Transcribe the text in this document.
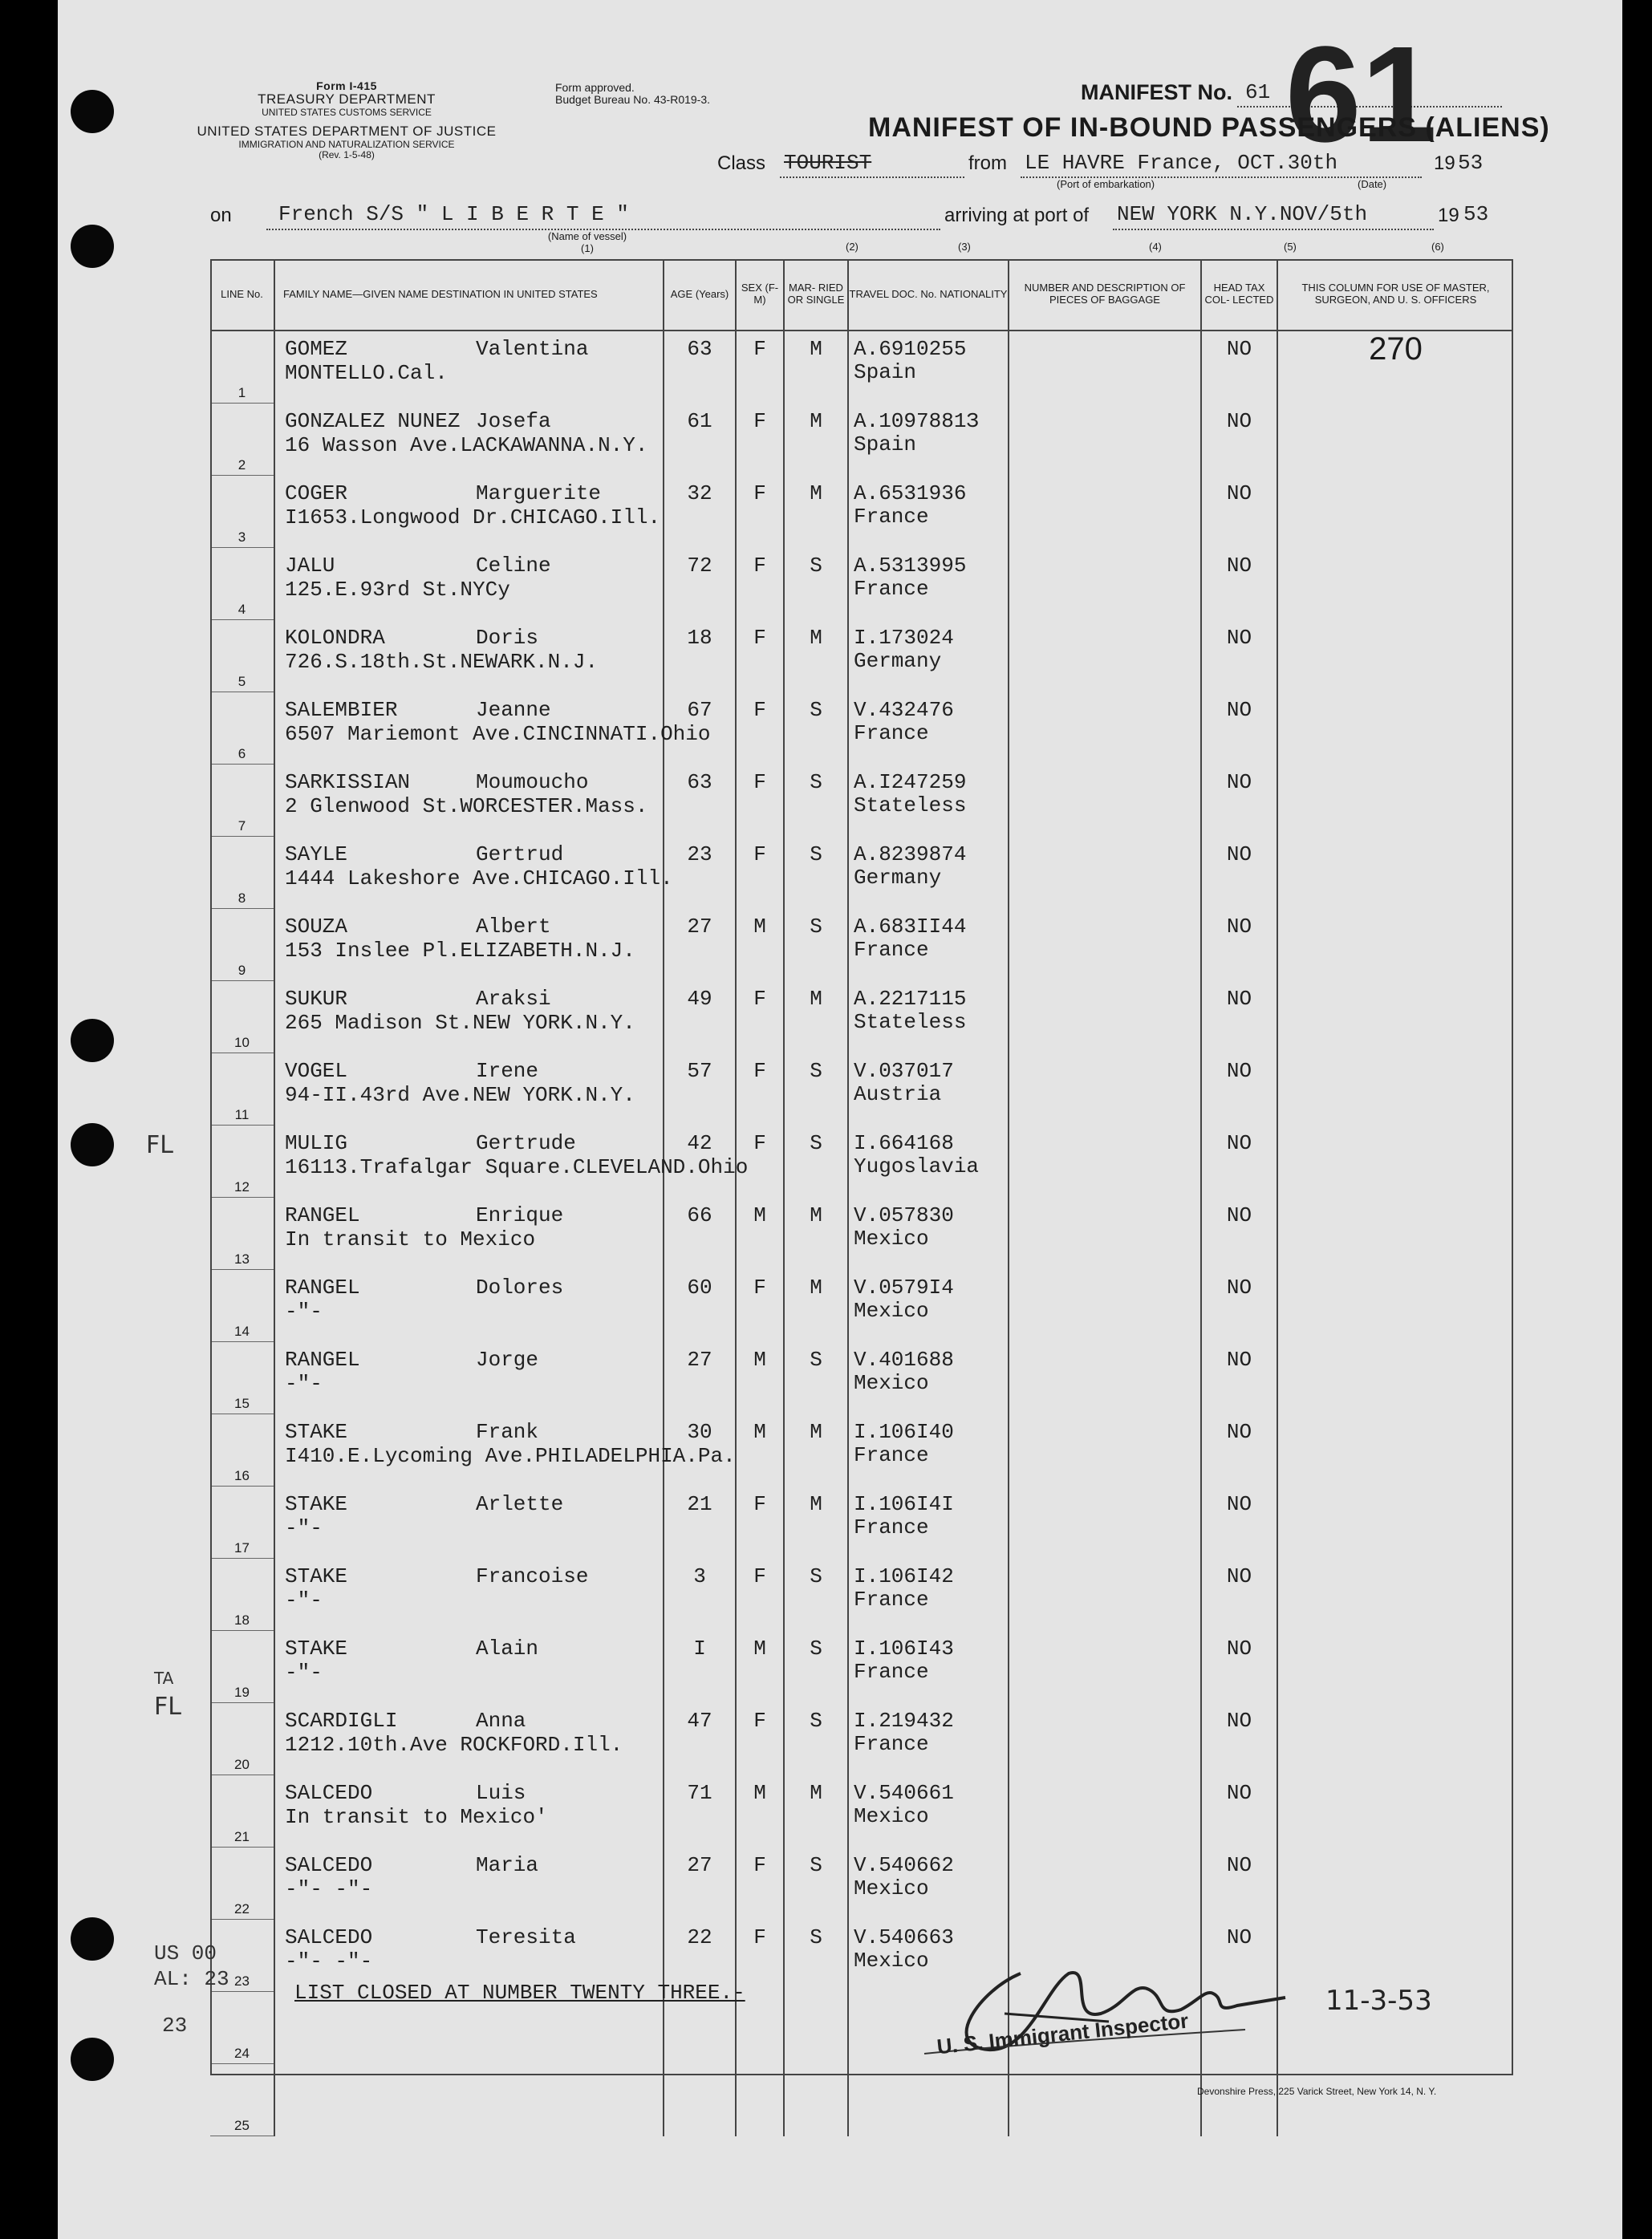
Form I-415
TREASURY DEPARTMENT
UNITED STATES CUSTOMS SERVICE
UNITED STATES DEPARTMENT OF JUSTICE
IMMIGRATION AND NATURALIZATION SERVICE
(Rev. 1-5-48)
Form approved.
Budget Bureau No. 43-R019-3.	MANIFEST No. 61 61
MANIFEST OF IN-BOUND PASSENGERS (ALIENS)
Class TOURIST	from LE HAVRE France, OCT.30th
(Port of embarkation)	(Date)
19 53
on French S/S " L I B E R T E "
(Name of vessel)
(1)
arriving at port of NEW YORK N.Y.NOV/5th	19 53
(2)	(3)	(4)	(5)	(6)
LINE No.	FAMILY NAME—GIVEN NAME DESTINATION IN UNITED STATES	AGE (Years)	SEX (F-M)	MAR- RIED OR SINGLE	TRAVEL DOC. No. NATIONALITY	NUMBER AND DESCRIPTION OF PIECES OF BAGGAGE	HEAD TAX COL- LECTED	THIS COLUMN FOR USE OF MASTER, SURGEON, AND U. S. OFFICERS
1	GOMEZ Valentina
MONTELLO.Cal.	63	F	M	A.6910255
Spain		NO	270
2	GONZALEZ NUNEZ Josefa
16 Wasson Ave.LACKAWANNA.N.Y.	61	F	M	A.1097881З
Spain		NO	

3	COGER Marguerite
I1653.Longwood Dr.CHICAGO.Ill.	32	F	M	A.6531936
France		NO	

4	JALU Celine
125.E.93rd St.NYCy	72	F	S	A.5313995
France		NO	

5	KOLONDRA Doris
726.S.18th.St.NEWARK.N.J.	18	F	M	I.173024
Germany		NO	

6	SALEMBIER Jeanne
6507 Mariemont Ave.CINCINNATI.Ohio	67	F	S	V.432476
France		NO	

7	SARKISSIAN Moumoucho
2 Glenwood St.WORCESTER.Mass.	63	F	S	A.I247259
Stateless		NO	

8	SAYLE Gertrud
1444 Lakeshore Ave.CHICAGO.Ill.	23	F	S	A.8239874
Germany		NO	

9	SOUZA Albert
153 Inslee Pl.ELIZABETH.N.J.	27	M	S	A.683II44
France		NO	

10	SUKUR Araksi
265 Madison St.NEW YORK.N.Y.	49	F	M	A.2217115
Stateless		NO	

11	VOGEL Irene
94-II.43rd Ave.NEW YORK.N.Y.	57	F	S	V.037017
Austria		NO	

12	MULIG Gertrude
16113.Trafalgar Square.CLEVELAND.Ohio	42	F	S	I.664168
Yugoslavia		NO	

13	RANGEL Enrique
In transit to Mexico	66	M	M	V.057830
Mexico		NO	

14	RANGEL Dolores
-"-	60	F	M	V.0579I4
Mexico		NO	

15	RANGEL Jorge
-"-	27	M	S	V.401688
Mexico		NO	

16	STAKE Frank
I410.E.Lycoming Ave.PHILADELPHIA.Pa.	30	M	M	I.106I40
France		NO	

17	STAKE Arlette
-"-	21	F	M	I.106I4I
France		NO	

18	STAKE Francoise
-"-	3	F	S	I.106I42
France		NO	

19	STAKE Alain
-"-	I	M	S	I.106I43
France		NO	

20	SCARDIGLI Anna
1212.10th.Ave ROCKFORD.Ill.	47	F	S	I.219432
France		NO	

21	SALCEDO Luis
In transit to Mexico'	71	M	M	V.540661
Mexico		NO	

22	SALCEDO Maria
-"- -"-	27	F	S	V.540662
Mexico		NO	

23	SALCEDO Teresita
-"- -"-	22	F	S	V.540663
Mexico		NO	

24	

25	

LIST CLOSED AT NUMBER TWENTY THREE.-	11-3-53
U. S. Immigrant Inspector
FL
TA
FL
US 00
AL: 23
23
Devonshire Press, 225 Varick Street, New York 14, N. Y.
